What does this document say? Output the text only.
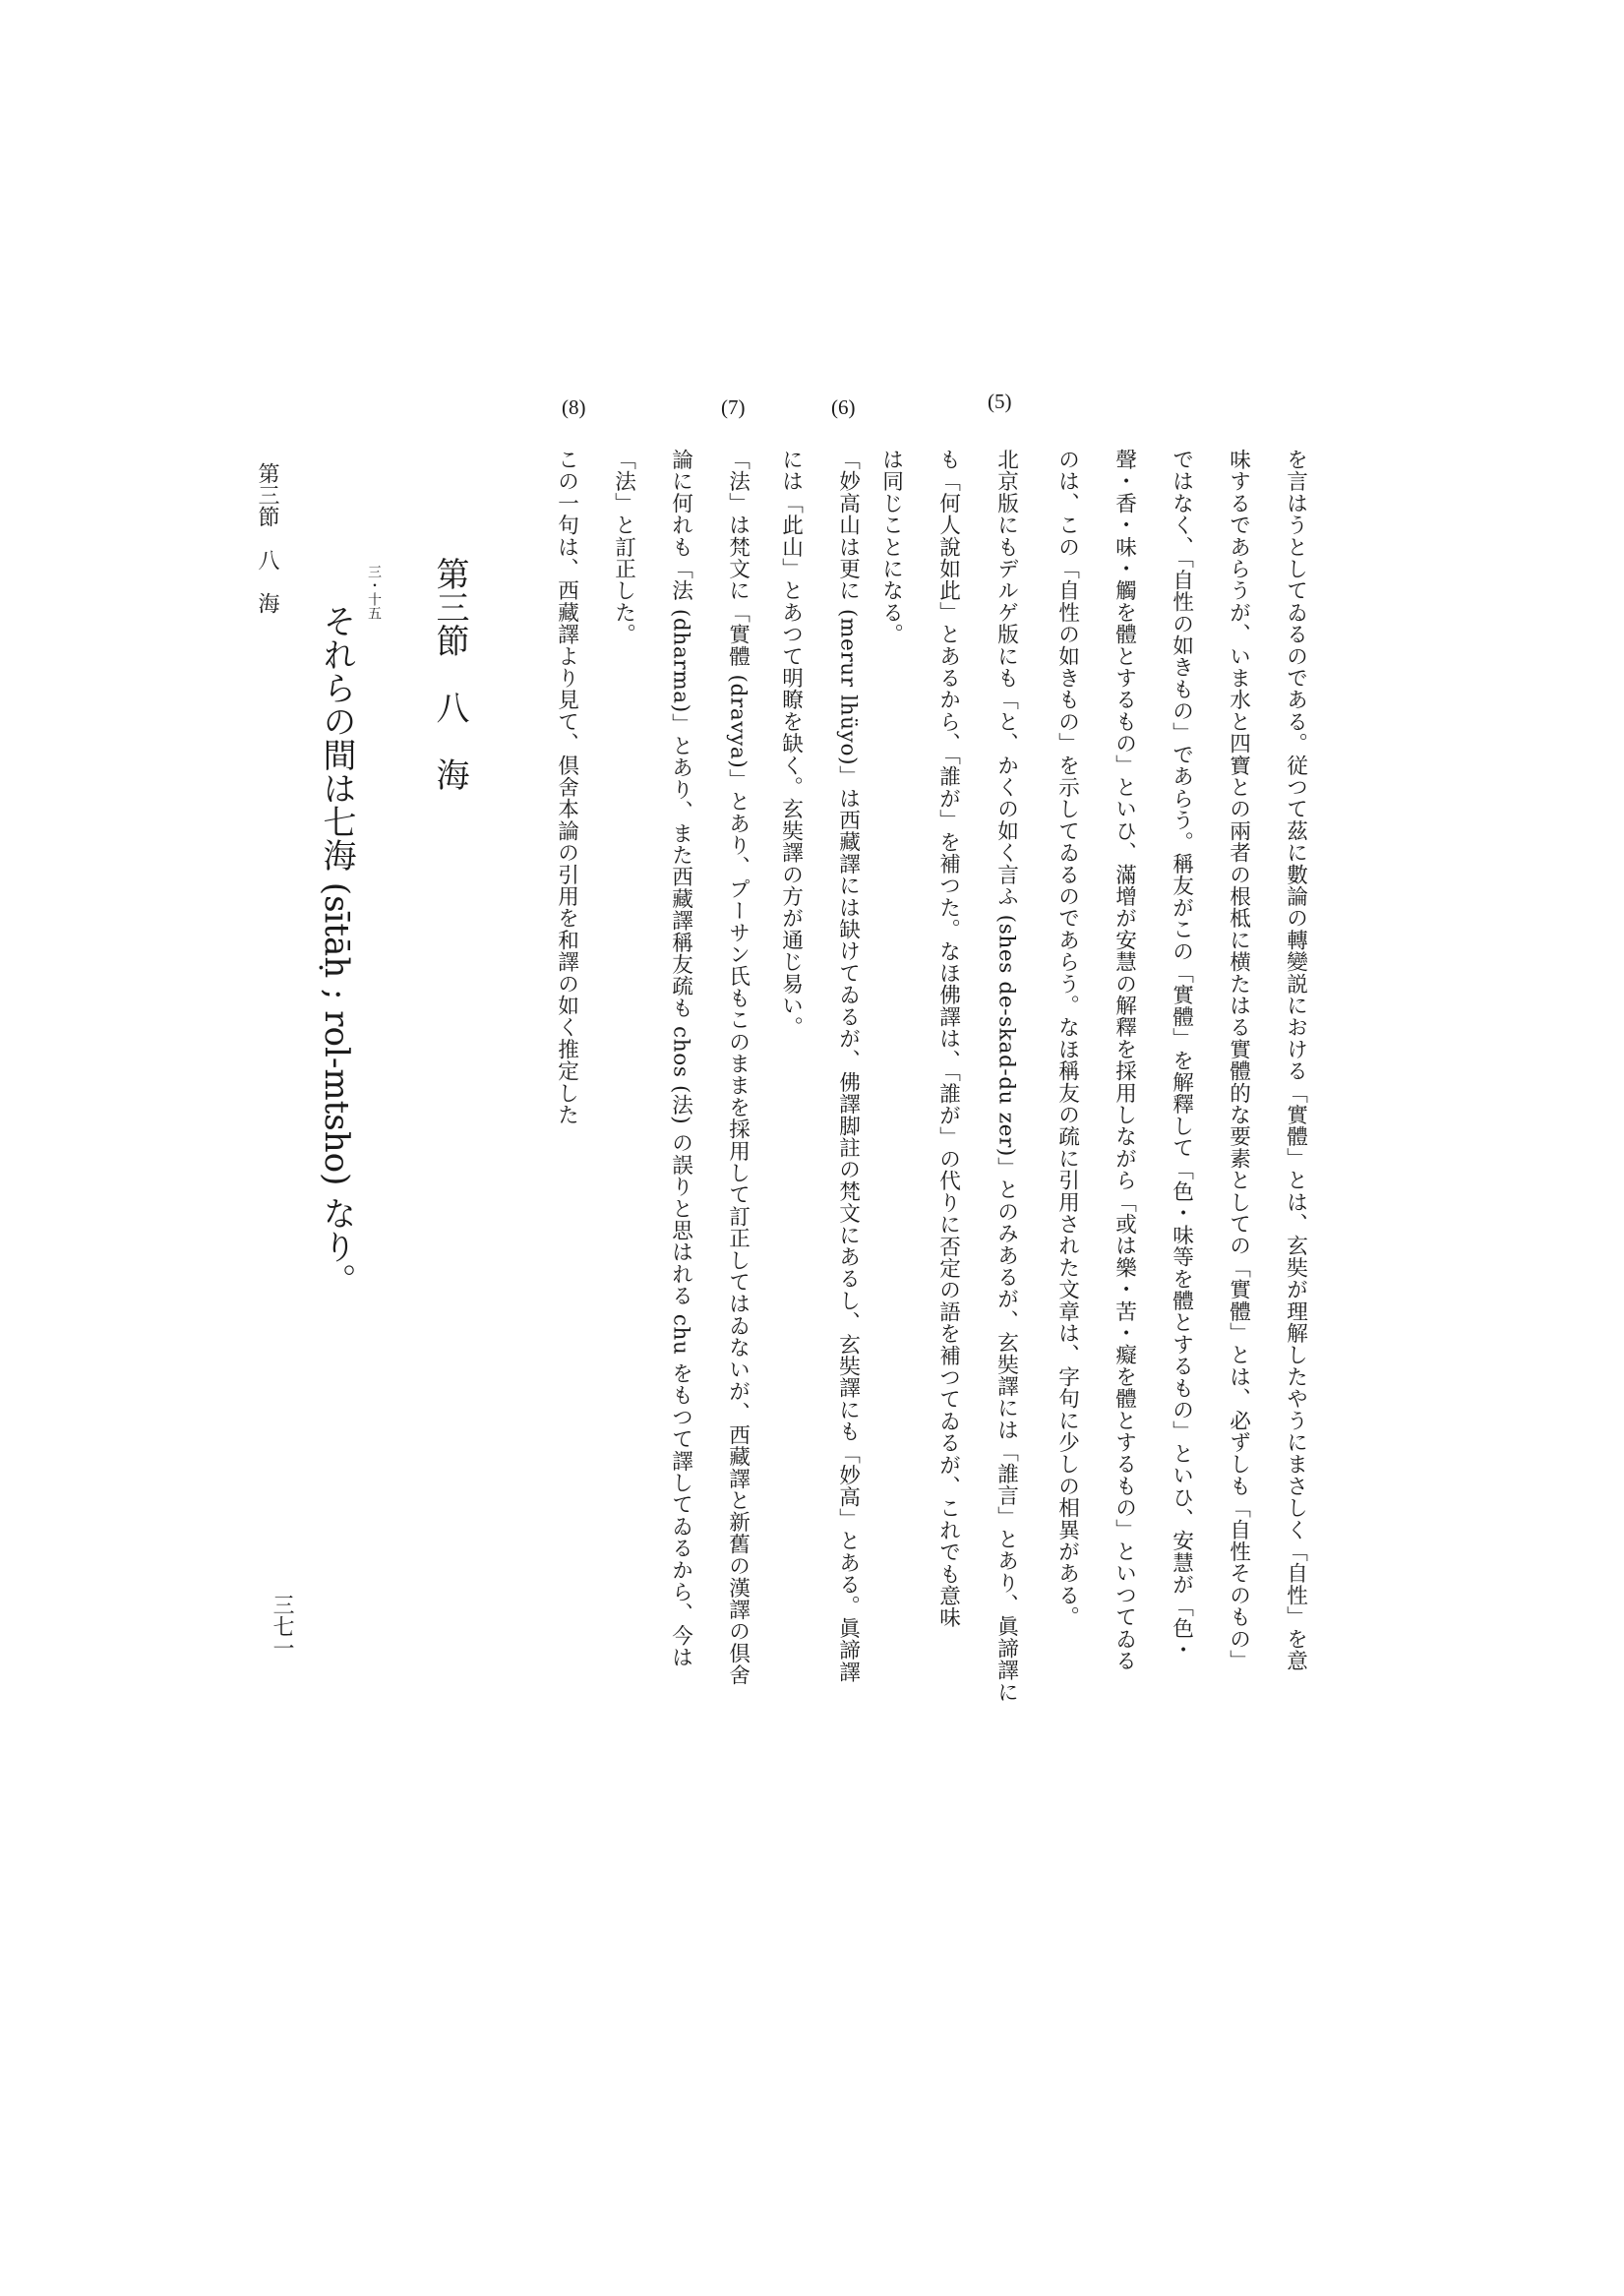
を言はうとしてゐるのである。従つて茲に數論の轉變説における「實體」とは、玄奘が理解したやうにまさしく「自性」を意
味するであらうが、いま水と四寶との兩者の根柢に横たはる實體的な要素としての「實體」とは、必ずしも「自性そのもの」
ではなく、「自性の如きもの」であらう。稱友がこの「實體」を解釋して「色・味等を體とするもの」といひ、安慧が「色・
聲・香・味・觸を體とするもの」といひ、滿增が安慧の解釋を採用しながら「或は樂・苦・癡を體とするもの」といつてゐる
のは、この「自性の如きもの」を示してゐるのであらう。なほ稱友の疏に引用された文章は、字句に少しの相異がある。
(5)
北京版にもデルゲ版にも「と、かくの如く言ふ (shes de-skad-du zer)」とのみあるが、玄奘譯には「誰言」とあり、眞諦譯に
も「何人說如此」とあるから、「誰が」を補つた。なほ佛譯は、「誰が」の代りに否定の語を補つてゐるが、これでも意味
は同じことになる。
(6)
「妙高山は更に (merur lhüyo)」は西藏譯には缺けてゐるが、佛譯脚註の梵文にあるし、玄奘譯にも「妙高」とある。眞諦譯
には「此山」とあつて明瞭を缺く。玄奘譯の方が通じ易い。
(7)
「法」は梵文に「實體 (dravya)」とあり、プーサン氏もこのままを採用して訂正してはゐないが、西藏譯と新舊の漢譯の倶舍
論に何れも「法 (dharma)」とあり、また西藏譯稱友疏も chos (法) の誤りと思はれる chu をもつて譯してゐるから、今は
「法」と訂正した。
(8)
この一句は、西藏譯より見て、倶舍本論の引用を和譯の如く推定した
第三節　八　海
三・十五
それらの間は七海 (sītāḥ ; rol-mtsho) なり。
第三節　八　海
三七一
